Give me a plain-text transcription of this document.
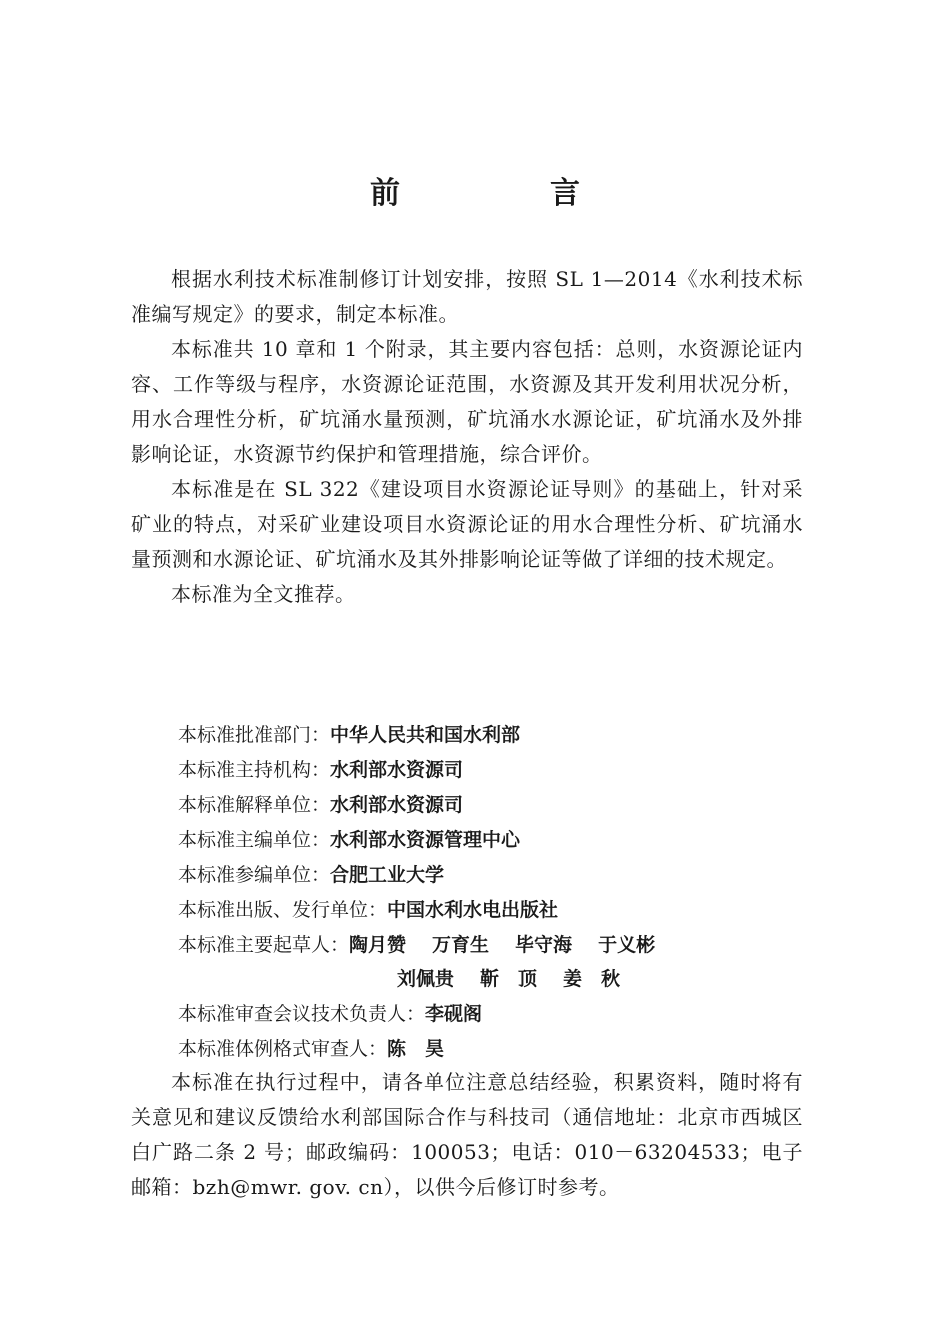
前　言

根据水利技术标准制修订计划安排，按照 SL 1—2014《水利技术标准编写规定》的要求，制定本标准。

本标准共 10 章和 1 个附录，其主要内容包括：总则，水资源论证内容、工作等级与程序，水资源论证范围，水资源及其开发利用状况分析，用水合理性分析，矿坑涌水量预测，矿坑涌水水源论证，矿坑涌水及外排影响论证，水资源节约保护和管理措施，综合评价。

本标准是在 SL 322《建设项目水资源论证导则》的基础上，针对采矿业的特点，对采矿业建设项目水资源论证的用水合理性分析、矿坑涌水量预测和水源论证、矿坑涌水及其外排影响论证等做了详细的技术规定。

本标准为全文推荐。

本标准批准部门：中华人民共和国水利部
本标准主持机构：水利部水资源司
本标准解释单位：水利部水资源司
本标准主编单位：水利部水资源管理中心
本标准参编单位：合肥工业大学
本标准出版、发行单位：中国水利水电出版社
本标准主要起草人：陶月赞 万育生 毕守海 于义彬
刘佩贵 靳　顶 姜　秋
本标准审查会议技术负责人：李砚阁
本标准体例格式审查人：陈　昊

本标准在执行过程中，请各单位注意总结经验，积累资料，随时将有关意见和建议反馈给水利部国际合作与科技司（通信地址：北京市西城区白广路二条 2 号；邮政编码：100053；电话：010－63204533；电子邮箱：bzh@mwr. gov. cn），以供今后修订时参考。
